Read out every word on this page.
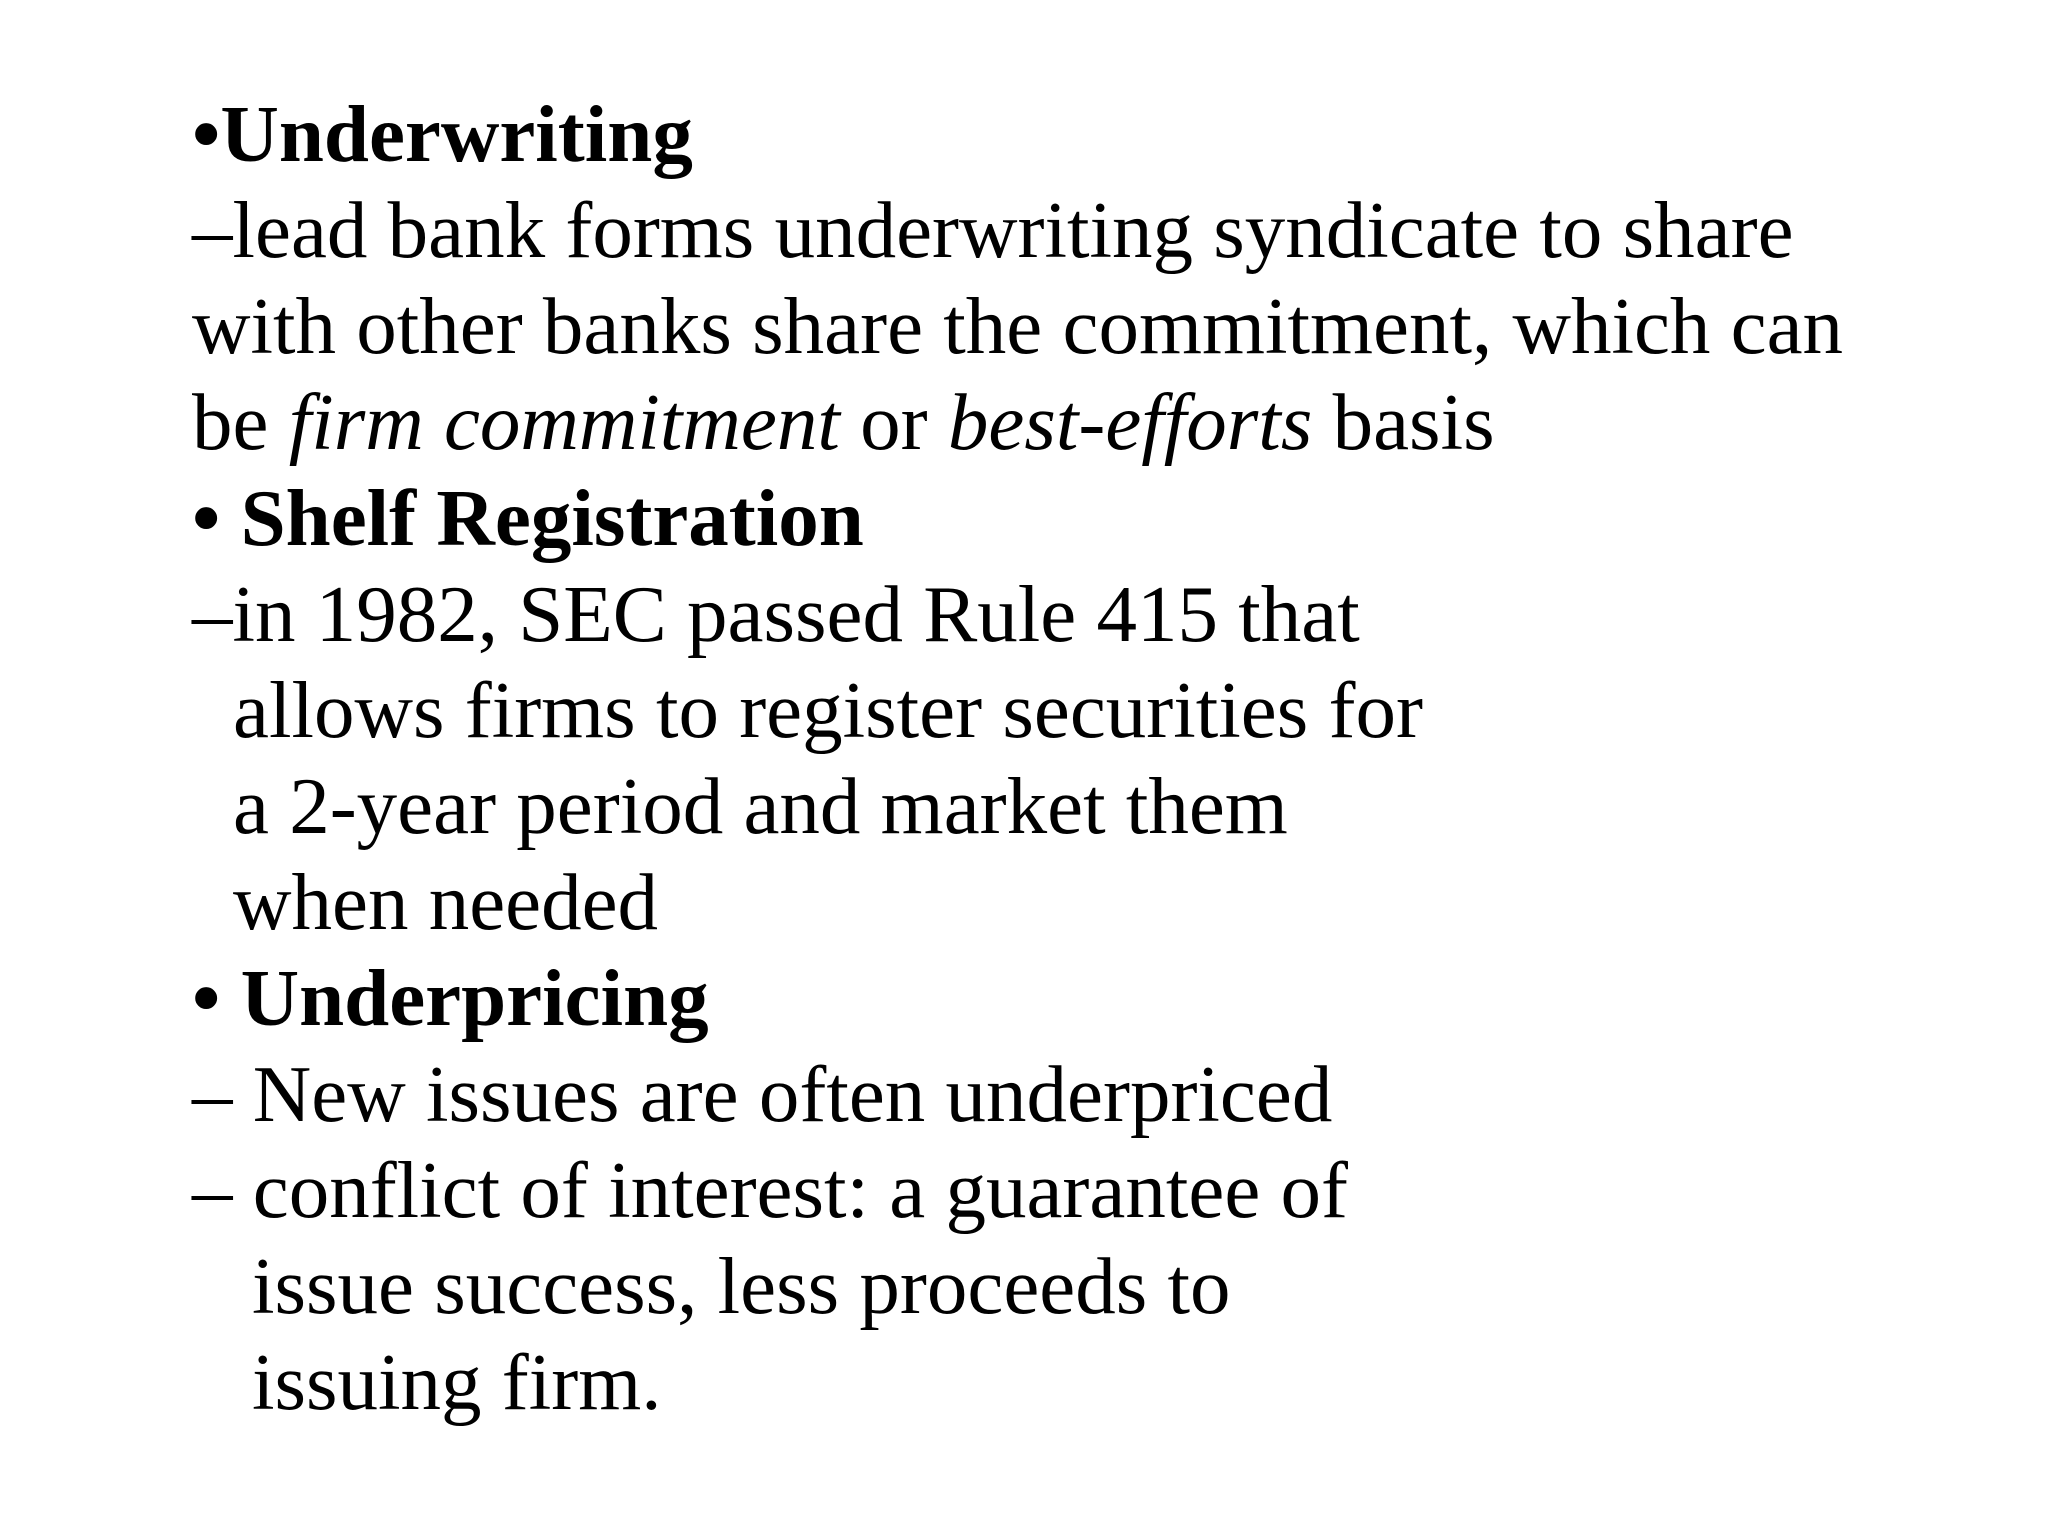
•Underwriting
–lead bank forms underwriting syndicate to share
with other banks share the commitment, which can
be firm commitment or best-efforts basis
• Shelf Registration
–in 1982, SEC passed Rule 415 that
allows firms to register securities for
a 2-year period and market them
when needed
• Underpricing
– New issues are often underpriced
– conflict of interest: a guarantee of
issue success, less proceeds to
issuing firm.
